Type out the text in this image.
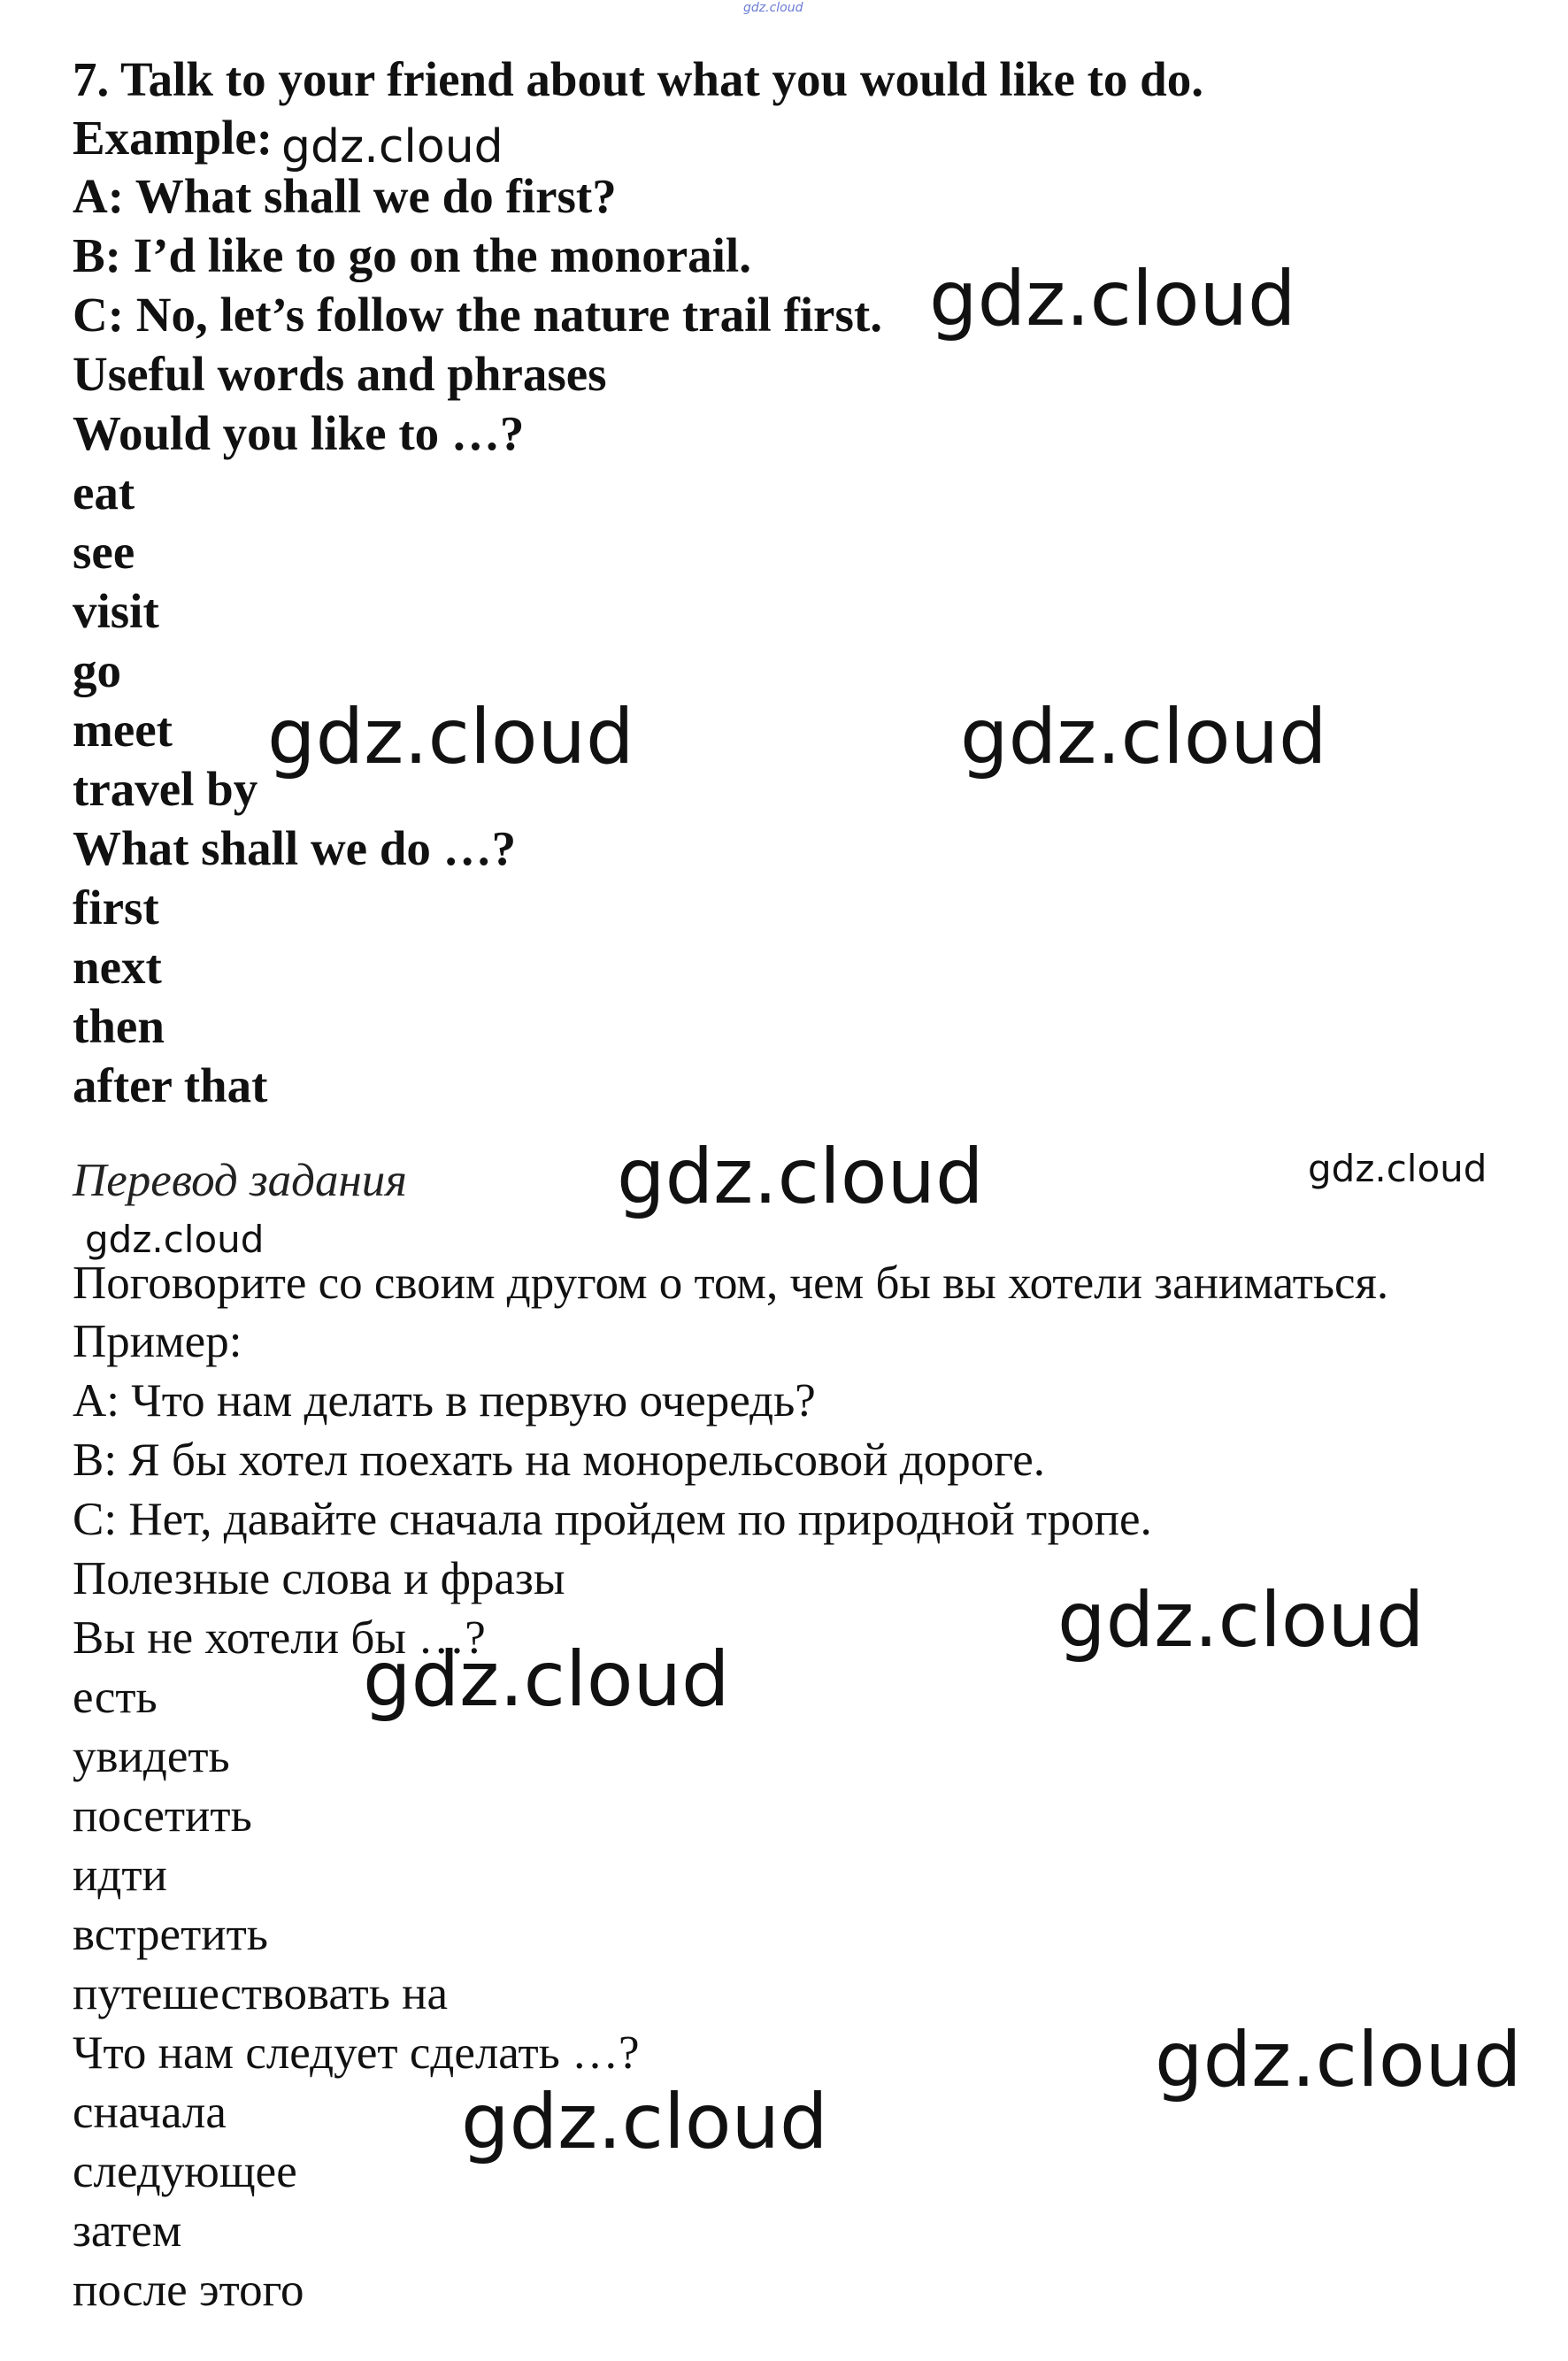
gdz.cloud
7. Talk to your friend about what you would like to do.
Example:
A: What shall we do first?
B: I’d like to go on the monorail.
C: No, let’s follow the nature trail first.
Useful words and phrases
Would you like to …?
eat
see
visit
go
meet
travel by
What shall we do …?
first
next
then
after that
Перевод задания
Поговорите со своим другом о том, чем бы вы хотели заниматься.
Пример:
A: Что нам делать в первую очередь?
B: Я бы хотел поехать на монорельсовой дороге.
C: Нет, давайте сначала пройдем по природной тропе.
Полезные слова и фразы
Вы не хотели бы …?
есть
увидеть
посетить
идти
встретить
путешествовать на
Что нам следует сделать …?
сначала
следующее
затем
после этого
gdz.cloud
gdz.cloud
gdz.cloud	gdz.cloud
gdz.cloud	gdz.cloud
gdz.cloud
gdz.cloud
gdz.cloud
gdz.cloud
gdz.cloud
